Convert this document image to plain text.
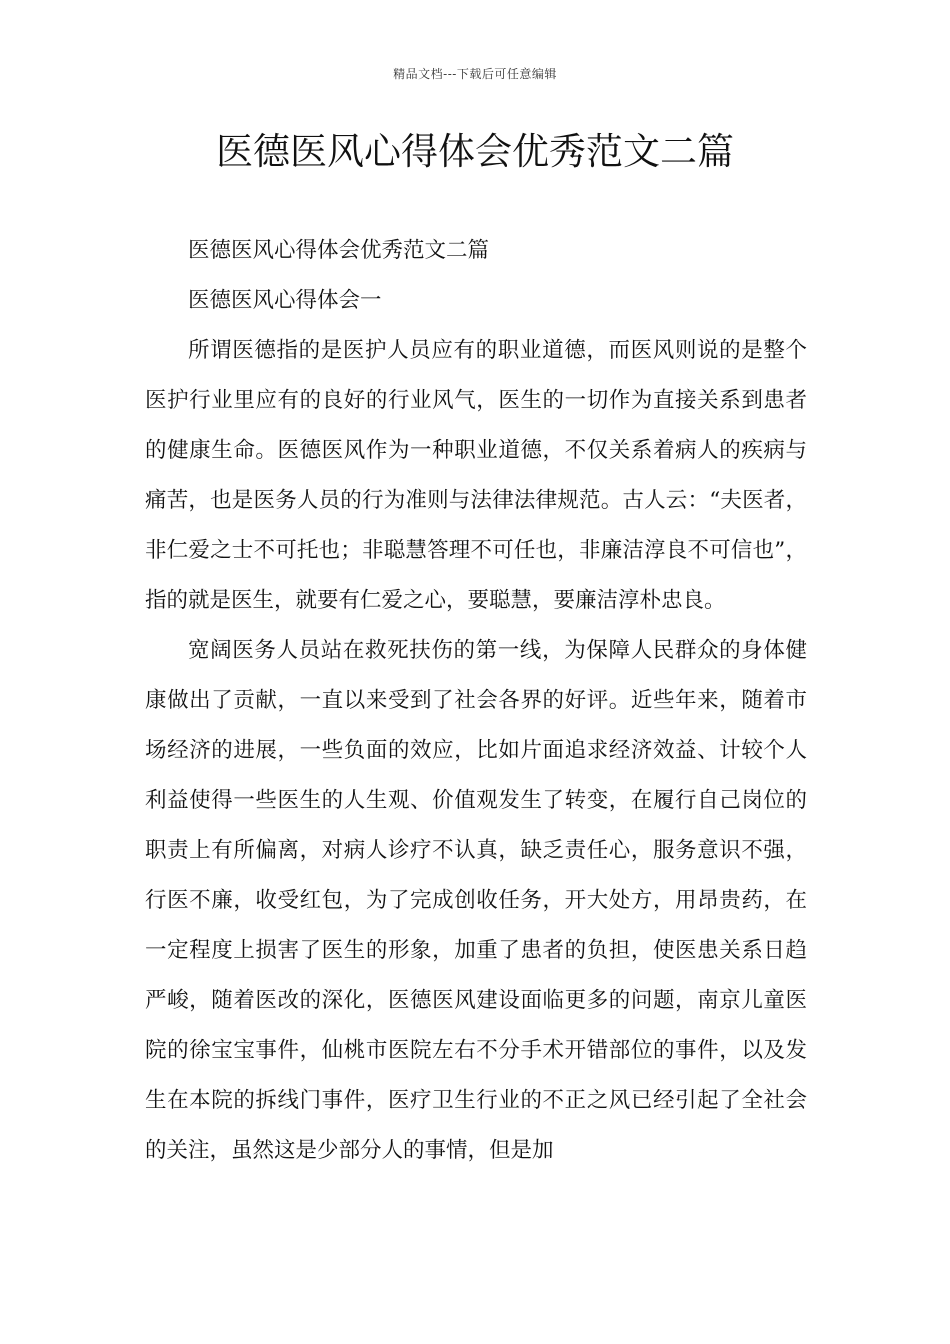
精品文档---下载后可任意编辑
医德医风心得体会优秀范文二篇

医德医风心得体会优秀范文二篇

医德医风心得体会一

所谓医德指的是医护人员应有的职业道德，而医风则说的是整个医护行业里应有的良好的行业风气，医生的一切作为直接关系到患者的健康生命。医德医风作为一种职业道德，不仅关系着病人的疾病与痛苦，也是医务人员的行为准则与法律法律规范。古人云：“夫医者，非仁爱之士不可托也；非聪慧答理不可任也，非廉洁淳良不可信也”，指的就是医生，就要有仁爱之心，要聪慧，要廉洁淳朴忠良。

宽阔医务人员站在救死扶伤的第一线，为保障人民群众的身体健康做出了贡献，一直以来受到了社会各界的好评。近些年来，随着市场经济的进展，一些负面的效应，比如片面追求经济效益、计较个人利益使得一些医生的人生观、价值观发生了转变，在履行自己岗位的职责上有所偏离，对病人诊疗不认真，缺乏责任心，服务意识不强，行医不廉，收受红包，为了完成创收任务，开大处方，用昂贵药，在一定程度上损害了医生的形象，加重了患者的负担，使医患关系日趋严峻，随着医改的深化，医德医风建设面临更多的问题，南京儿童医院的徐宝宝事件，仙桃市医院左右不分手术开错部位的事件，以及发生在本院的拆线门事件，医疗卫生行业的不正之风已经引起了全社会的关注，虽然这是少部分人的事情，但是加
